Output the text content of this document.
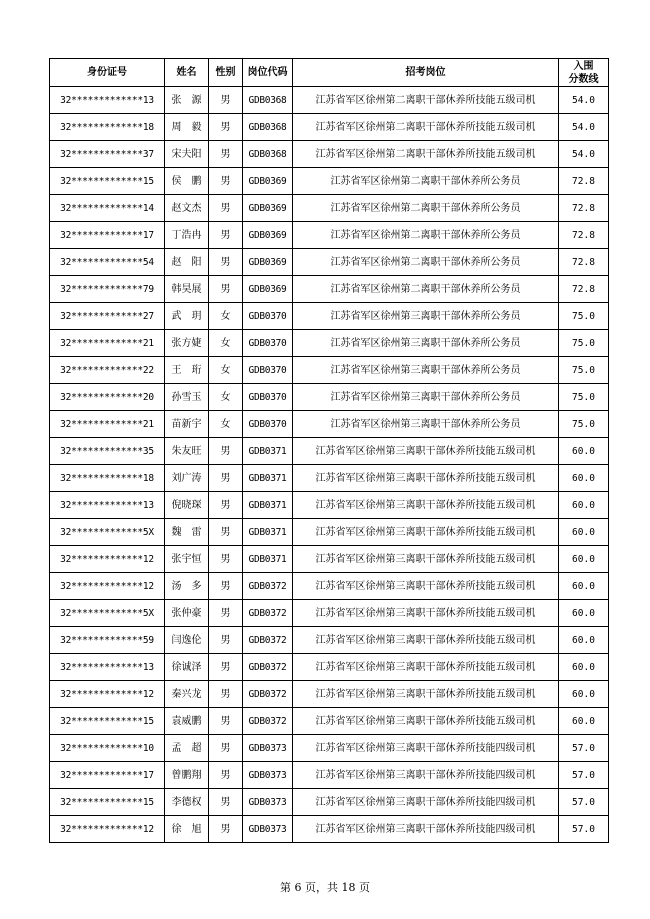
身份证号	姓名	性别	岗位代码	招考岗位	入围
分数线
32*************13	张　源	男	GDB0368	江苏省军区徐州第二离职干部休养所技能五级司机	54.0
32*************18	周　毅	男	GDB0368	江苏省军区徐州第二离职干部休养所技能五级司机	54.0
32*************37	宋夫阳	男	GDB0368	江苏省军区徐州第二离职干部休养所技能五级司机	54.0
32*************15	侯　鹏	男	GDB0369	江苏省军区徐州第二离职干部休养所公务员	72.8
32*************14	赵文杰	男	GDB0369	江苏省军区徐州第二离职干部休养所公务员	72.8
32*************17	丁浩冉	男	GDB0369	江苏省军区徐州第二离职干部休养所公务员	72.8
32*************54	赵　阳	男	GDB0369	江苏省军区徐州第二离职干部休养所公务员	72.8
32*************79	韩昊展	男	GDB0369	江苏省军区徐州第二离职干部休养所公务员	72.8
32*************27	武　玥	女	GDB0370	江苏省军区徐州第三离职干部休养所公务员	75.0
32*************21	张方婕	女	GDB0370	江苏省军区徐州第三离职干部休养所公务员	75.0
32*************22	王　珩	女	GDB0370	江苏省军区徐州第三离职干部休养所公务员	75.0
32*************20	孙雪玉	女	GDB0370	江苏省军区徐州第三离职干部休养所公务员	75.0
32*************21	苗新宇	女	GDB0370	江苏省军区徐州第三离职干部休养所公务员	75.0
32*************35	朱友旺	男	GDB0371	江苏省军区徐州第三离职干部休养所技能五级司机	60.0
32*************18	刘广涛	男	GDB0371	江苏省军区徐州第三离职干部休养所技能五级司机	60.0
32*************13	倪晓琛	男	GDB0371	江苏省军区徐州第三离职干部休养所技能五级司机	60.0
32*************5X	魏　雷	男	GDB0371	江苏省军区徐州第三离职干部休养所技能五级司机	60.0
32*************12	张宇恒	男	GDB0371	江苏省军区徐州第三离职干部休养所技能五级司机	60.0
32*************12	汤　多	男	GDB0372	江苏省军区徐州第三离职干部休养所技能五级司机	60.0
32*************5X	张仲豪	男	GDB0372	江苏省军区徐州第三离职干部休养所技能五级司机	60.0
32*************59	闫逸伦	男	GDB0372	江苏省军区徐州第三离职干部休养所技能五级司机	60.0
32*************13	徐诚泽	男	GDB0372	江苏省军区徐州第三离职干部休养所技能五级司机	60.0
32*************12	秦兴龙	男	GDB0372	江苏省军区徐州第三离职干部休养所技能五级司机	60.0
32*************15	袁威鹏	男	GDB0372	江苏省军区徐州第三离职干部休养所技能五级司机	60.0
32*************10	孟　超	男	GDB0373	江苏省军区徐州第三离职干部休养所技能四级司机	57.0
32*************17	曾鹏翔	男	GDB0373	江苏省军区徐州第三离职干部休养所技能四级司机	57.0
32*************15	李德权	男	GDB0373	江苏省军区徐州第三离职干部休养所技能四级司机	57.0
32*************12	徐　旭	男	GDB0373	江苏省军区徐州第三离职干部休养所技能四级司机	57.0
第 6 页，共 18 页
